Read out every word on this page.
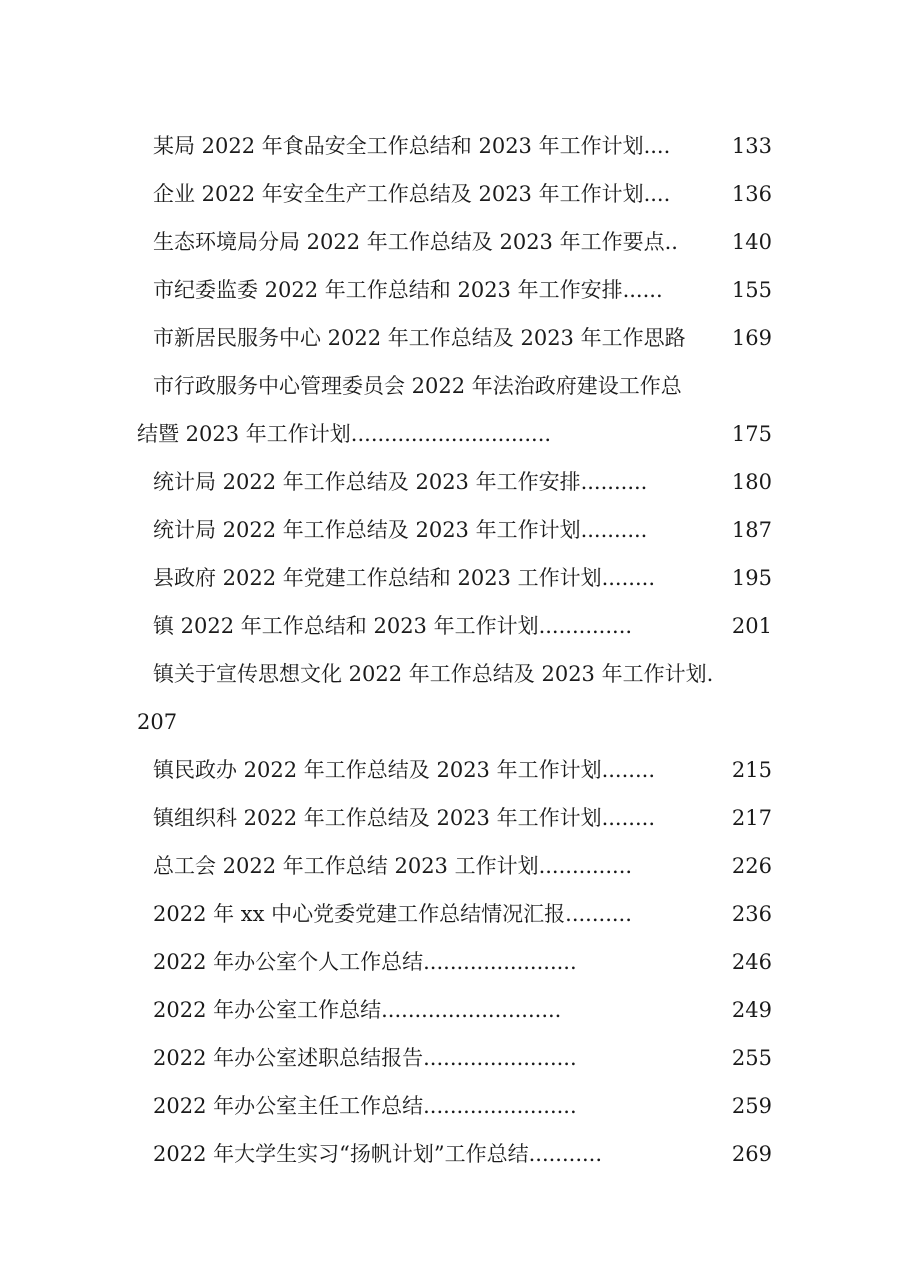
某局 2022 年食品安全工作总结和 2023 年工作计划....	133
企业 2022 年安全生产工作总结及 2023 年工作计划....	136
生态环境局分局 2022 年工作总结及 2023 年工作要点..	140
市纪委监委 2022 年工作总结和 2023 年工作安排......	155
市新居民服务中心 2022 年工作总结及 2023 年工作思路 169
市行政服务中心管理委员会 2022 年法治政府建设工作总
结暨 2023 年工作计划..............................	175
统计局 2022 年工作总结及 2023 年工作安排..........	180
统计局 2022 年工作总结及 2023 年工作计划..........	187
县政府 2022 年党建工作总结和 2023 工作计划........	195
镇 2022 年工作总结和 2023 年工作计划..............	201
镇关于宣传思想文化 2022 年工作总结及 2023 年工作计划.
207
镇民政办 2022 年工作总结及 2023 年工作计划........	215
镇组织科 2022 年工作总结及 2023 年工作计划........	217
总工会 2022 年工作总结 2023 工作计划..............	226
2022 年 xx 中心党委党建工作总结情况汇报..........	236
2022 年办公室个人工作总结.......................	246
2022 年办公室工作总结...........................	249
2022 年办公室述职总结报告.......................	255
2022 年办公室主任工作总结.......................	259
2022 年大学生实习“扬帆计划”工作总结...........	269
